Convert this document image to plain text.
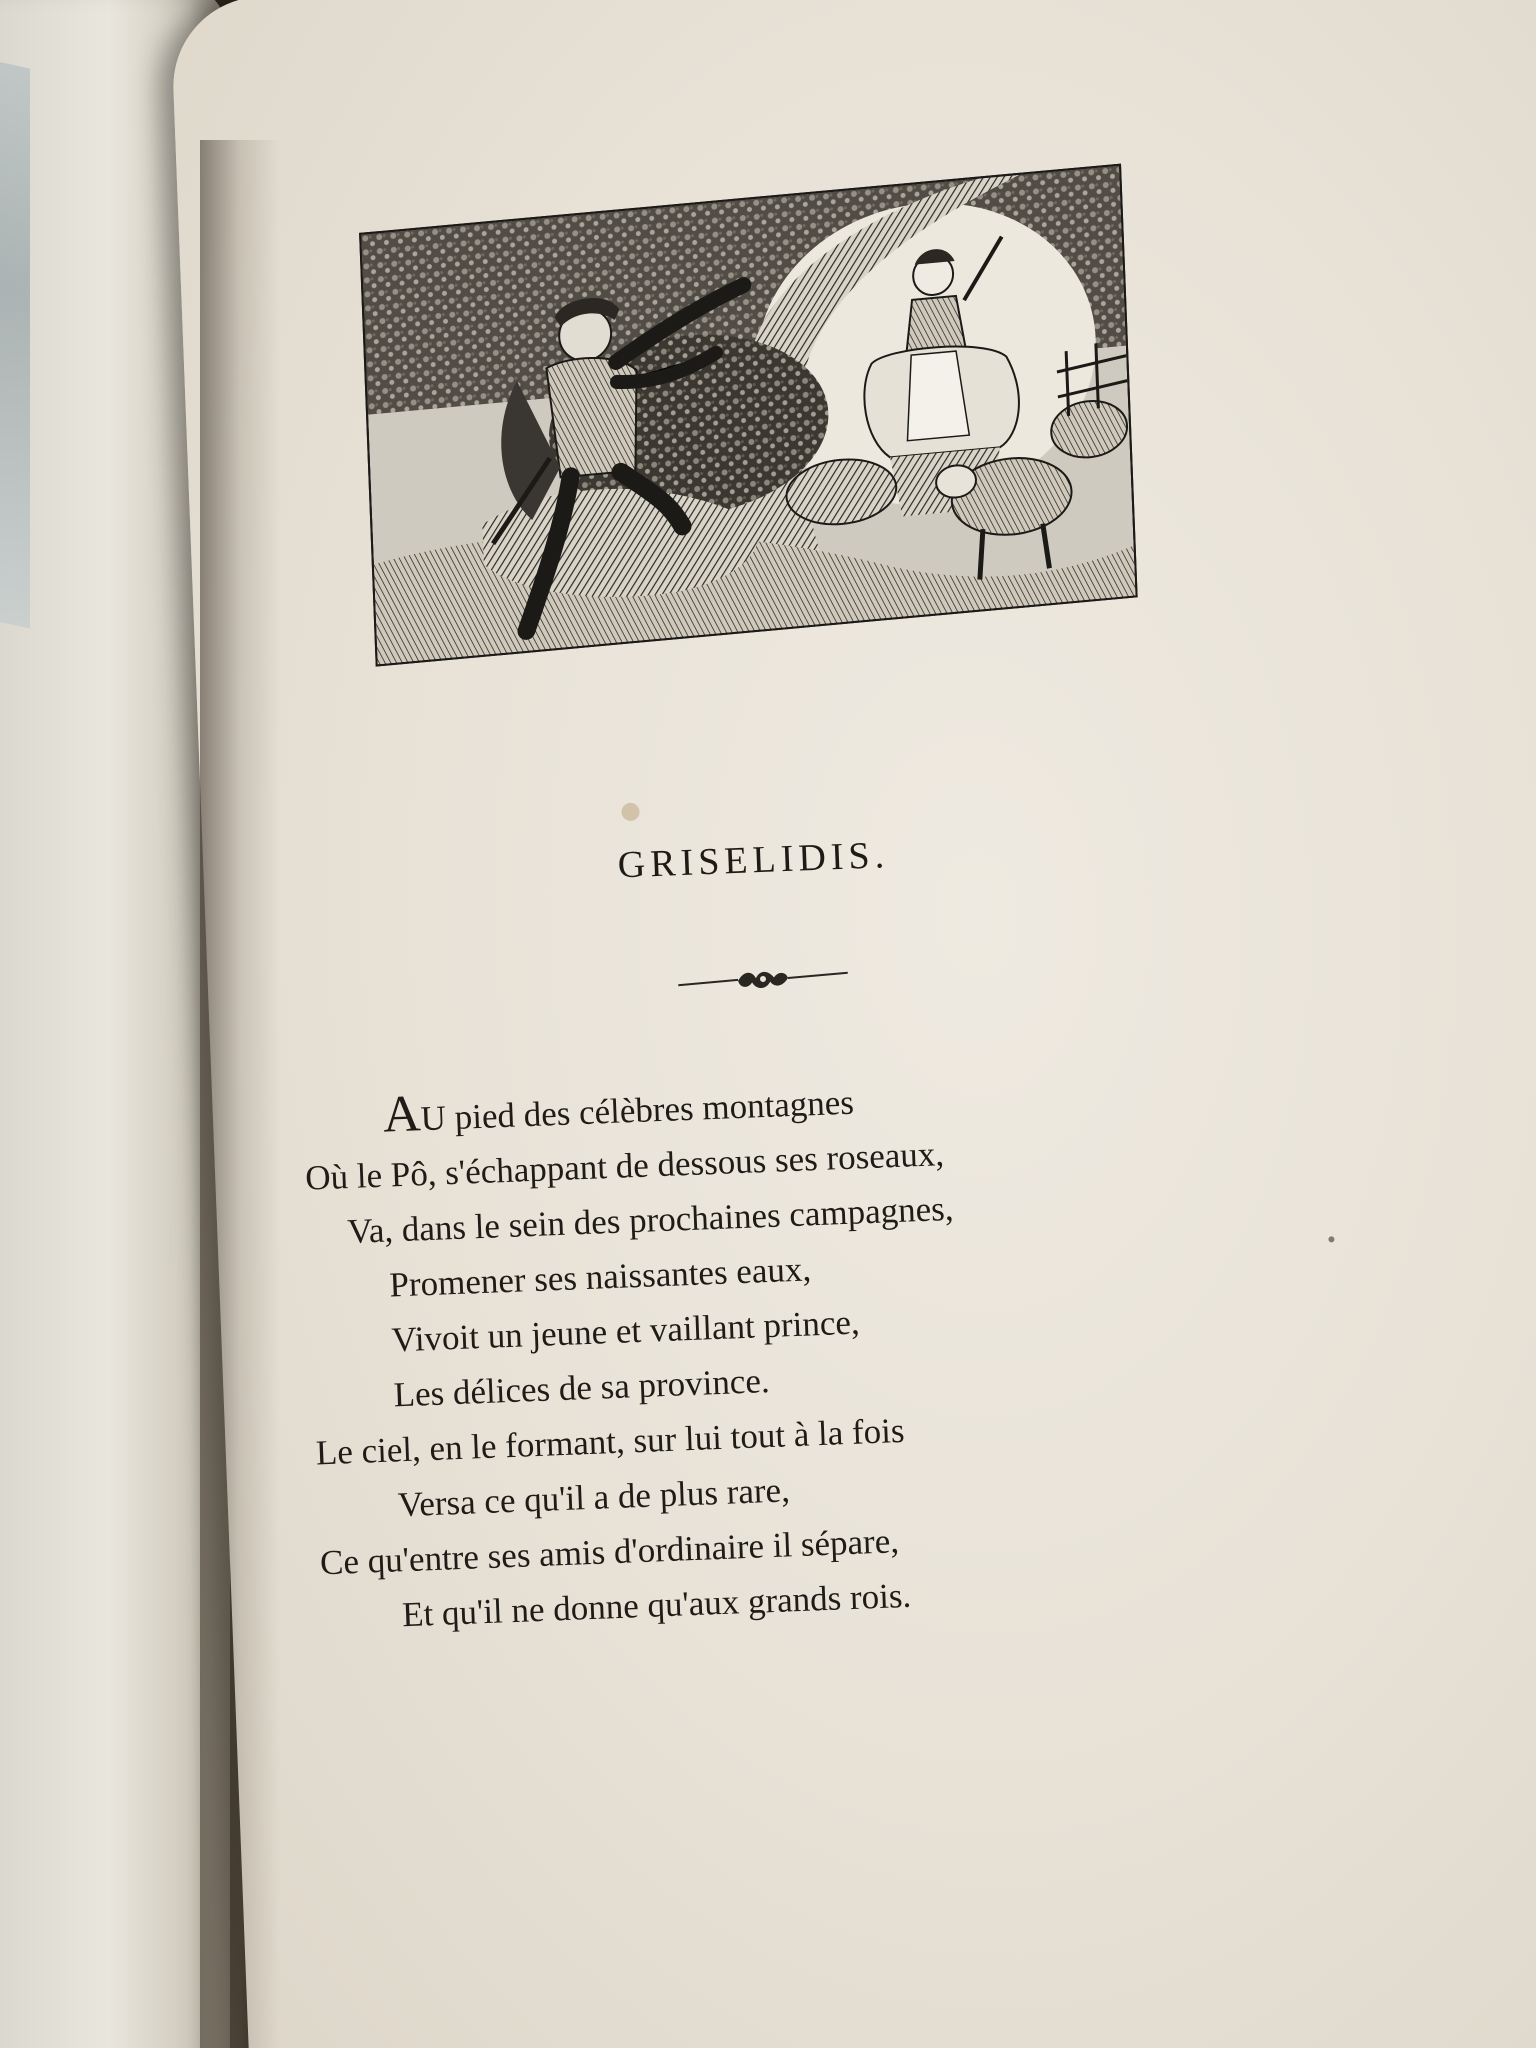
GRISELIDIS.
AU pied des célèbres montagnes
Où le Pô, s'échappant de dessous ses roseaux,
Va, dans le sein des prochaines campagnes,
Promener ses naissantes eaux,
Vivoit un jeune et vaillant prince,
Les délices de sa province.
Le ciel, en le formant, sur lui tout à la fois
Versa ce qu'il a de plus rare,
Ce qu'entre ses amis d'ordinaire il sépare,
Et qu'il ne donne qu'aux grands rois.
